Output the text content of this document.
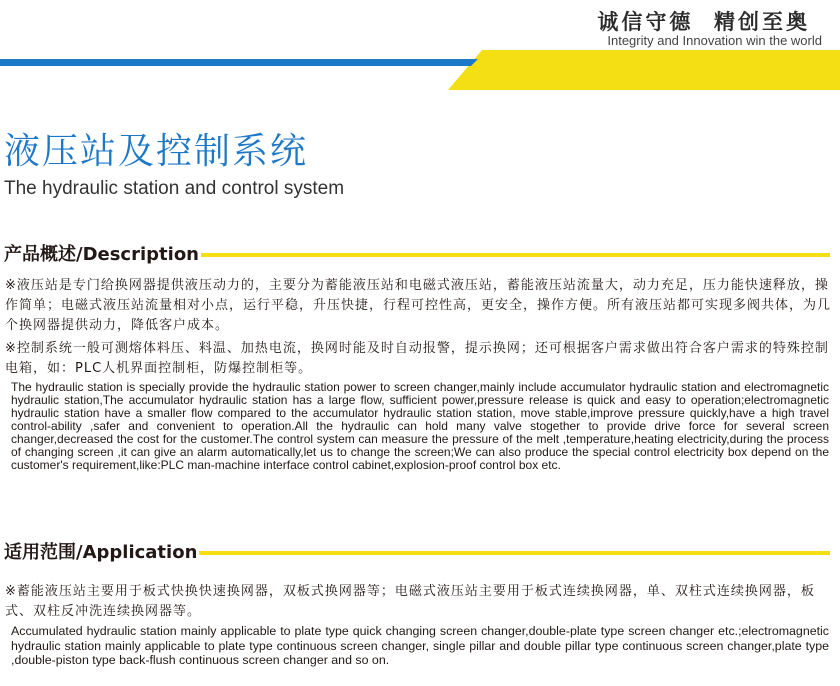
诚信守德  精创至奥
Integrity and Innovation win the world
液压站及控制系统
The hydraulic station and control system
产品概述/Description

※液压站是专门给换网器提供液压动力的，主要分为蓄能液压站和电磁式液压站，蓄能液压站流量大，动力充足，压力能快速释放，操作简单；电磁式液压站流量相对小点，运行平稳，升压快捷，行程可控性高，更安全，操作方便。所有液压站都可实现多阀共体，为几个换网器提供动力，降低客户成本。

※控制系统一般可测熔体料压、料温、加热电流，换网时能及时自动报警，提示换网；还可根据客户需求做出符合客户需求的特殊控制电箱，如：PLC人机界面控制柜，防爆控制柜等。

The hydraulic station is specially provide the hydraulic station power to screen changer,mainly include accumulator hydraulic station and electromagnetic hydraulic station,The accumulator hydraulic station has a large flow, sufficient power,pressure release is quick and easy to operation;electromagnetic hydraulic station have a smaller flow compared to the accumulator hydraulic station station, move stable,improve pressure quickly,have a high travel control-ability ,safer and convenient to operation.All the hydraulic can hold many valve stogether to provide drive force for several screen changer,decreased the cost for the customer.The control system can measure the pressure of the melt ,temperature,heating electricity,during the process of changing screen ,it can give an alarm automatically,let us to change the screen;We can also produce the special control electricity box depend on the customer's requirement,like:PLC man-machine interface control cabinet,explosion-proof control box etc.

适用范围/Application

※蓄能液压站主要用于板式快换快速换网器，双板式换网器等；电磁式液压站主要用于板式连续换网器，单、双柱式连续换网器，板式、双柱反冲洗连续换网器等。

Accumulated hydraulic station mainly applicable to plate type quick changing screen changer,double-plate type screen changer etc.;electromagnetic hydraulic station mainly applicable to plate type continuous screen changer, single pillar and double pillar type continuous screen changer,plate type ,double-piston type back-flush continuous screen changer and so on.
